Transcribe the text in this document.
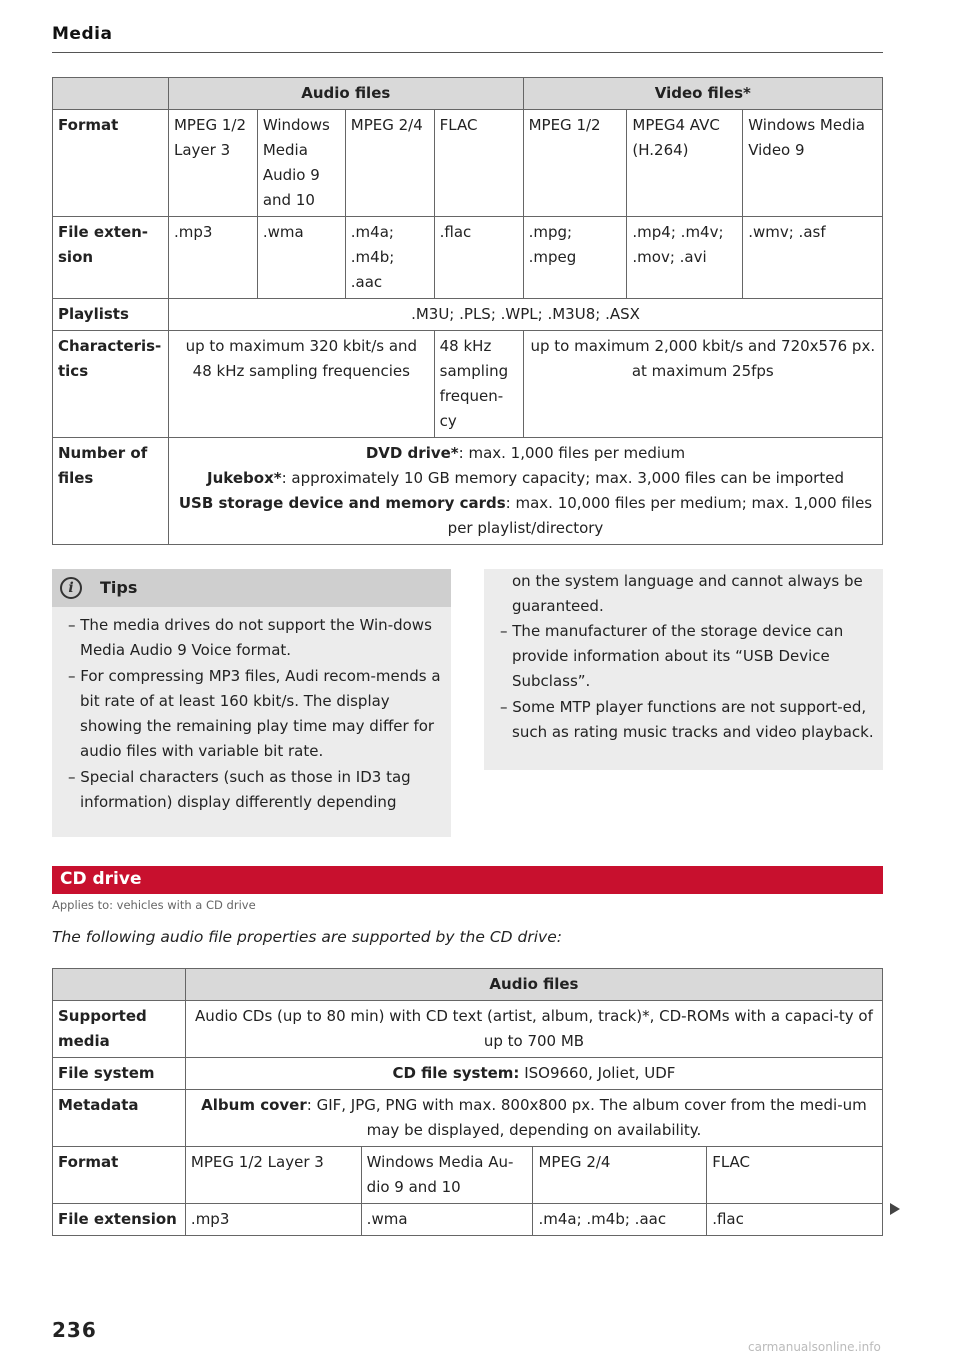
Media
	Audio files				Video files*		
Format	MPEG 1/2 Layer 3	Windows Media Audio 9 and 10	MPEG 2/4	FLAC	MPEG 1/2	MPEG4 AVC (H.264)	Windows Media Video 9
File exten-sion	.mp3	.wma	.m4a; .m4b; .aac	.flac	.mpg; .mpeg	.mp4; .m4v; .mov; .avi	.wmv; .asf
Playlists	.M3U; .PLS; .WPL; .M3U8; .ASX						
Characteris-tics	up to maximum 320 kbit/s and 48 kHz sampling frequencies			48 kHz sampling frequen-cy	up to maximum 2,000 kbit/s and 720x576 px. at maximum 25fps		
Number of files	DVD drive*: max. 1,000 files per medium
Jukebox*: approximately 10 GB memory capacity; max. 3,000 files can be imported
USB storage device and memory cards: max. 10,000 files per medium; max. 1,000 files per playlist/directory						
i	Tips
– The media drives do not support the Win-dows Media Audio 9 Voice format.
– For compressing MP3 files, Audi recom-mends a bit rate of at least 160 kbit/s. The display showing the remaining play time may differ for audio files with variable bit rate.
– Special characters (such as those in ID3 tag information) display differently depending
on the system language and cannot always be guaranteed.
– The manufacturer of the storage device can provide information about its “USB Device Subclass”.
– Some MTP player functions are not support-ed, such as rating music tracks and video playback.
CD drive
Applies to: vehicles with a CD drive
The following audio file properties are supported by the CD drive:
	Audio files			
Supported media	Audio CDs (up to 80 min) with CD text (artist, album, track)*, CD-ROMs with a capaci-ty of up to 700 MB			
File system	CD file system: ISO9660, Joliet, UDF			
Metadata	Album cover: GIF, JPG, PNG with max. 800x800 px. The album cover from the medi-um may be displayed, depending on availability.			
Format	MPEG 1/2 Layer 3	Windows Media Au-dio 9 and 10	MPEG 2/4	FLAC
File extension	.mp3	.wma	.m4a; .m4b; .aac	.flac
236
carmanualsonline.info
